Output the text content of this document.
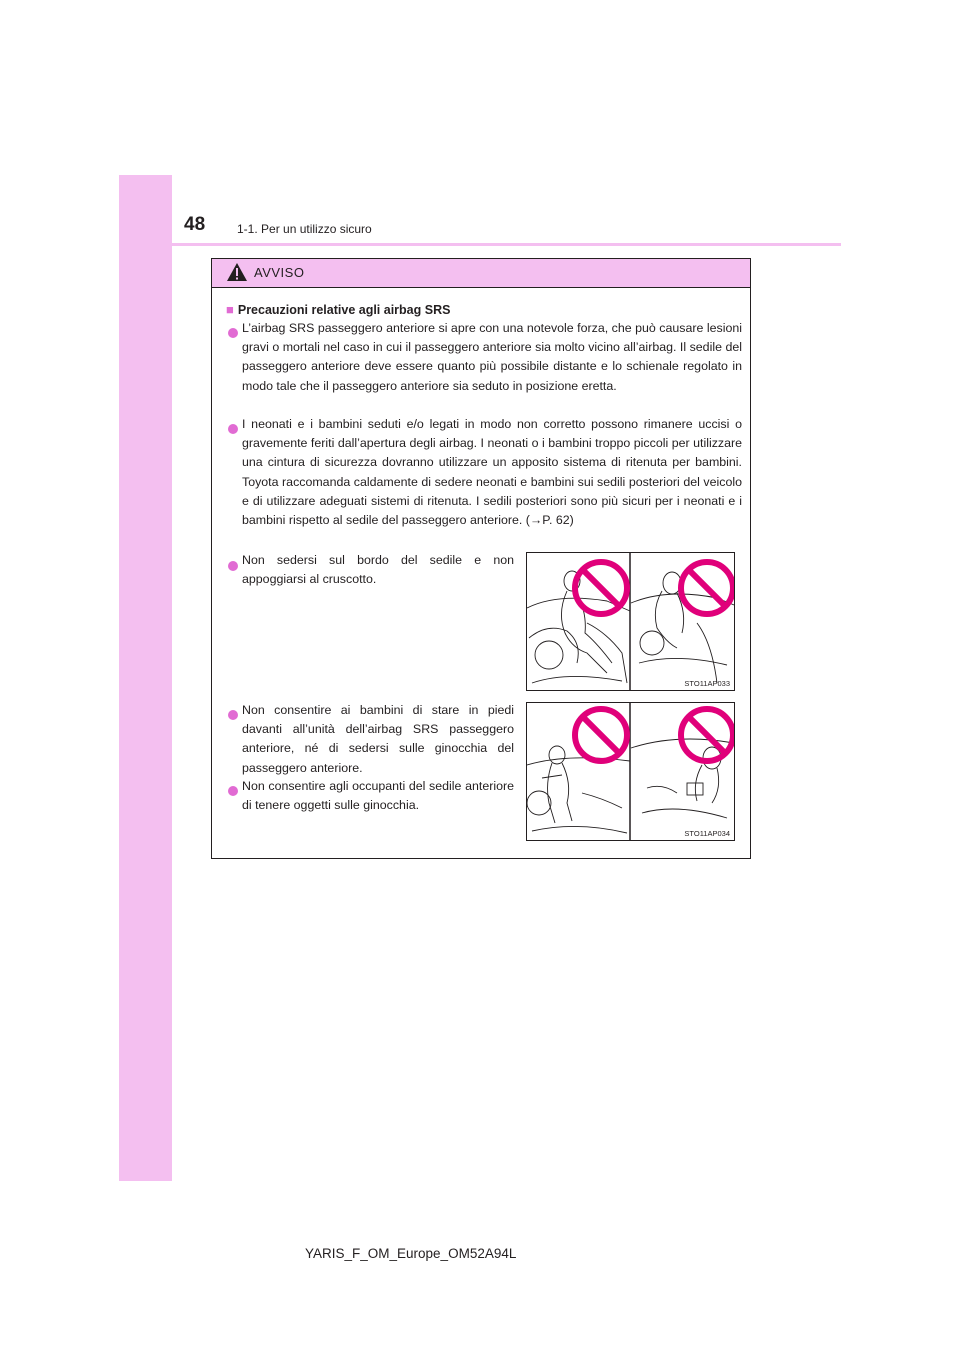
48	1-1. Per un utilizzo sicuro
AVVISO
■ Precauzioni relative agli airbag SRS
L’airbag SRS passeggero anteriore si apre con una notevole forza, che può causare lesioni gravi o mortali nel caso in cui il passeggero anteriore sia molto vicino all’airbag. Il sedile del passeggero anteriore deve essere quanto più possibile distante e lo schienale regolato in modo tale che il passeggero anteriore sia seduto in posizione eretta.
I neonati e i bambini seduti e/o legati in modo non corretto possono rimanere uccisi o gravemente feriti dall’apertura degli airbag. I neonati o i bambini troppo piccoli per utilizzare una cintura di sicurezza dovranno utilizzare un apposito sistema di ritenuta per bambini. Toyota raccomanda caldamente di sedere neonati e bambini sui sedili posteriori del veicolo e di utilizzare adeguati sistemi di ritenuta. I sedili posteriori sono più sicuri per i neonati e i bambini rispetto al sedile del passeggero anteriore. (→P. 62)
Non sedersi sul bordo del sedile e non appoggiarsi al cruscotto.
Non consentire ai bambini di stare in piedi davanti all’unità dell’airbag SRS passeggero anteriore, né di sedersi sulle ginocchia del passeggero anteriore.
Non consentire agli occupanti del sedile anteriore di tenere oggetti sulle ginocchia.
STO11AP033
STO11AP034
YARIS_F_OM_Europe_OM52A94L
